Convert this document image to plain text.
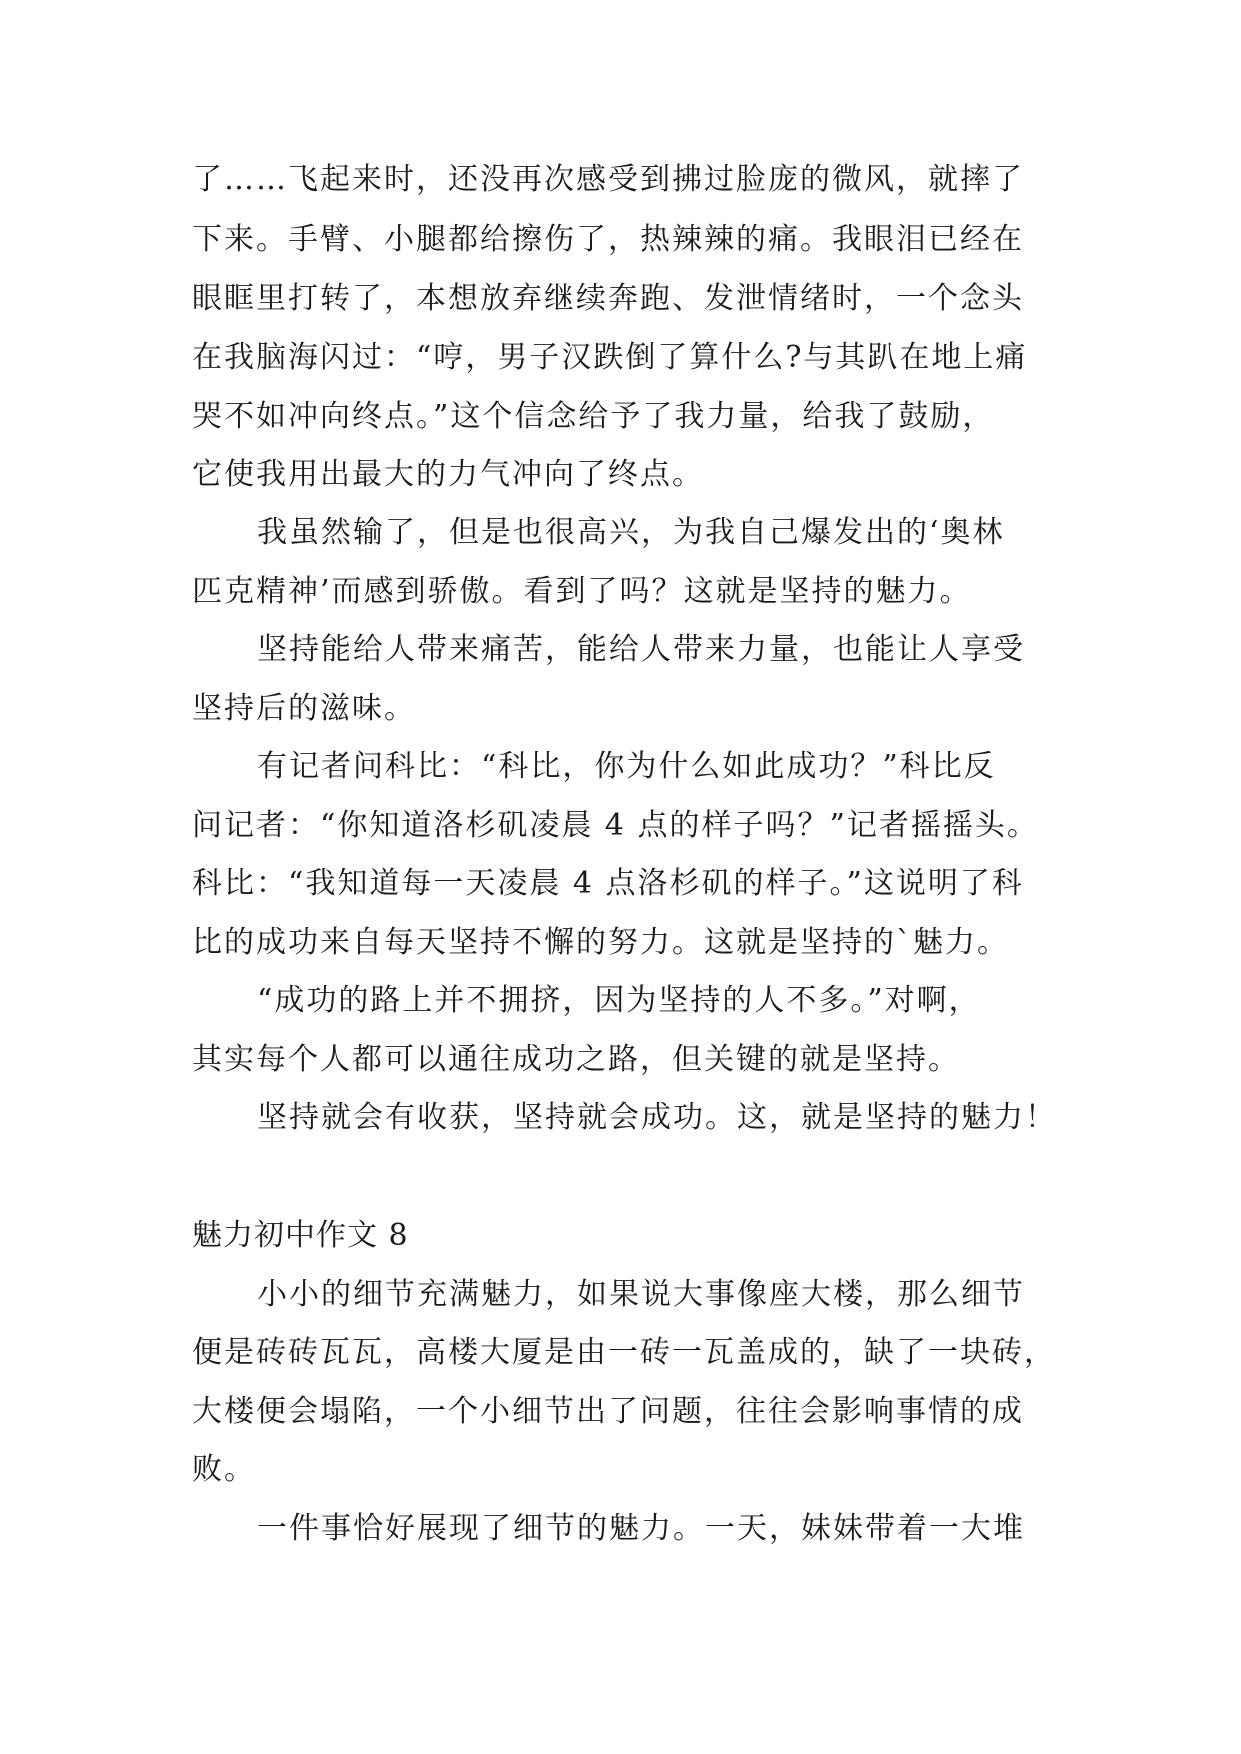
了……飞起来时，还没再次感受到拂过脸庞的微风，就摔了
下来。手臂、小腿都给擦伤了，热辣辣的痛。我眼泪已经在
眼眶里打转了，本想放弃继续奔跑、发泄情绪时，一个念头
在我脑海闪过：“哼，男子汉跌倒了算什么?与其趴在地上痛
哭不如冲向终点。”这个信念给予了我力量，给我了鼓励，
它使我用出最大的力气冲向了终点。
我虽然输了，但是也很高兴，为我自己爆发出的‘奥林
匹克精神’而感到骄傲。看到了吗？这就是坚持的魅力。
坚持能给人带来痛苦，能给人带来力量，也能让人享受
坚持后的滋味。
有记者问科比：“科比，你为什么如此成功？”科比反
问记者：“你知道洛杉矶凌晨 4 点的样子吗？”记者摇摇头。
科比：“我知道每一天凌晨 4 点洛杉矶的样子。”这说明了科
比的成功来自每天坚持不懈的努力。这就是坚持的`魅力。
“成功的路上并不拥挤，因为坚持的人不多。”对啊，
其实每个人都可以通往成功之路，但关键的就是坚持。
坚持就会有收获，坚持就会成功。这，就是坚持的魅力！
魅力初中作文 8
小小的细节充满魅力，如果说大事像座大楼，那么细节
便是砖砖瓦瓦，高楼大厦是由一砖一瓦盖成的，缺了一块砖，
大楼便会塌陷，一个小细节出了问题，往往会影响事情的成
败。
一件事恰好展现了细节的魅力。一天，妹妹带着一大堆
